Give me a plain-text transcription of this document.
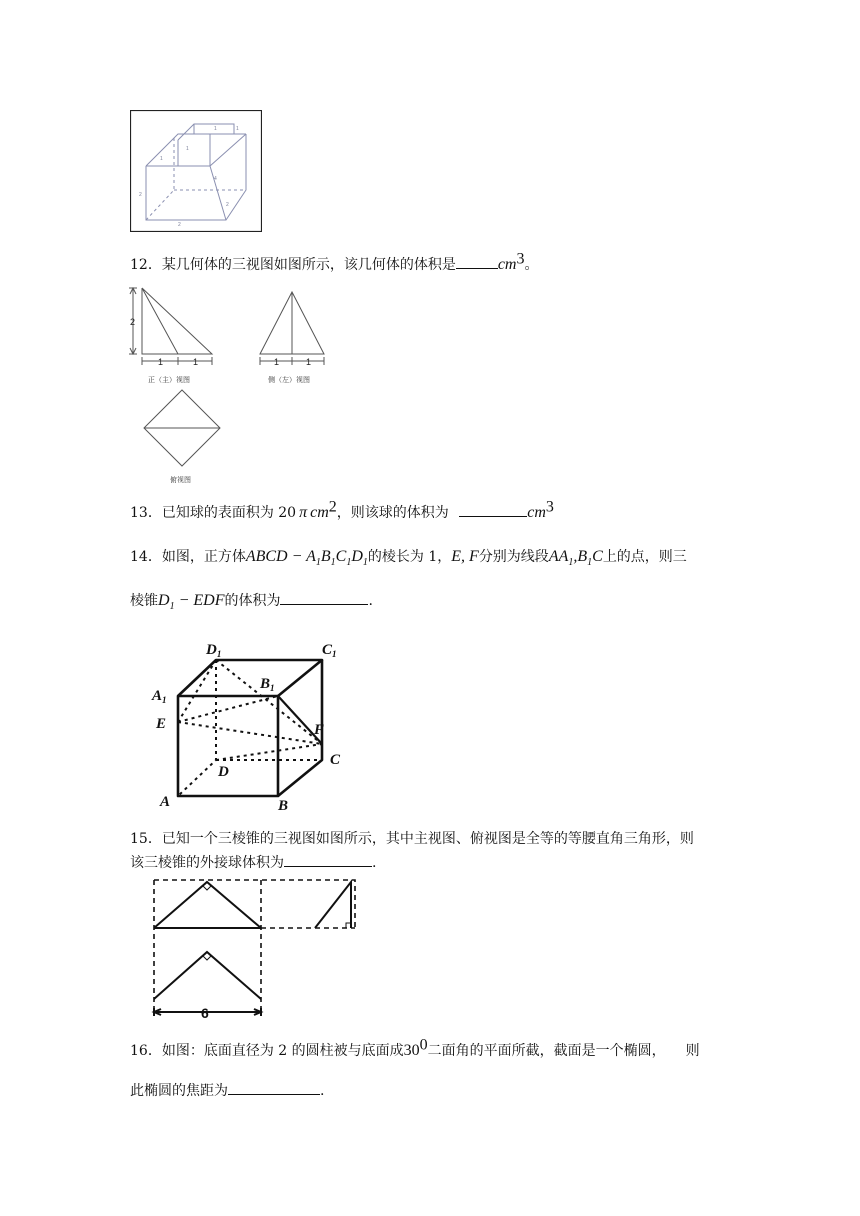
1
1
1	1
2
2
2
4
12．某几何体的三视图如图所示，该几何体的体积是	$cm^3$。
2
1	1	1	1
正（主）视图	侧（左）视图
俯视图
13．已知球的表面积为 20 π $cm^2$，则该球的体积为	$cm^3$
14．如图，正方体ABCD − $A_1B_1C_1D_1$的棱长为 1，E, F分别为线段$AA_1,B_1C$上的点，则三
棱锥$D_1$ − EDF的体积为	.
$D_1$	$C_1$
$A_1$
$B_1$
E	F
D
C
A	B
15．已知一个三棱锥的三视图如图所示，其中主视图、俯视图是全等的等腰直角三角形，则
该三棱锥的外接球体积为	.
6
16．如图：底面直径为 2 的圆柱被与底面成$30^0$二面角的平面所截，截面是一个椭圆， 则
此椭圆的焦距为	.
